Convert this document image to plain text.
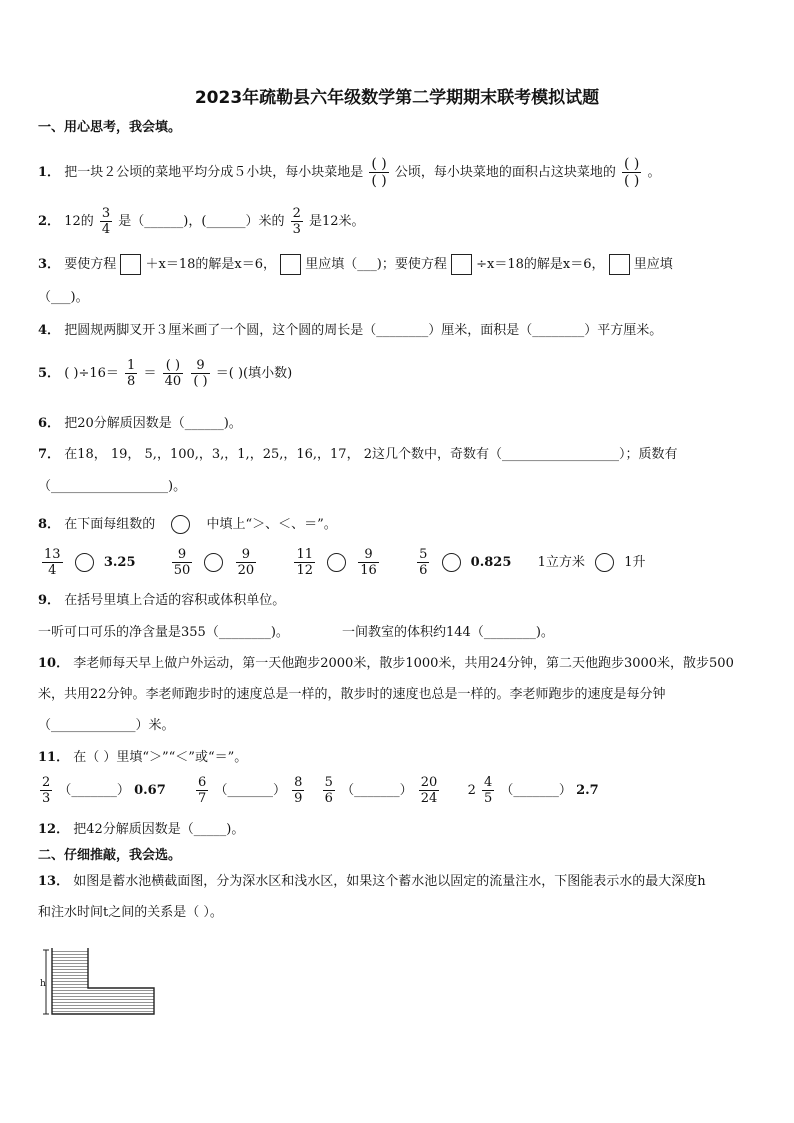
2023年疏勒县六年级数学第二学期期末联考模拟试题
一、用心思考，我会填。
1． 把一块２公顷的菜地平均分成５小块，每小块菜地是 $\frac{( )}{( )}$ 公顷，每小块菜地的面积占这块菜地的 $\frac{( )}{( )}$ 。
2． 12的 $\frac{3}{4}$ 是（______)，(______）米的 $\frac{2}{3}$ 是12米。
3． 要使方程 ＋x＝18的解是x＝6， 里应填（___)；要使方程 ÷x＝18的解是x＝6， 里应填
（___)。
4． 把圆规两脚叉开３厘米画了一个圆，这个圆的周长是（________）厘米，面积是（________）平方厘米。
5． ( )$\div 16= \frac{1}{8} = \frac{( )}{40}$
$\frac{9}{( )}$ ＝( )(填小数)
6． 把20分解质因数是（______)。
7． 在18， 19， 5,，100,，3,，1,，25,，16,，17， 2这几个数中，奇数有（__________________）；质数有
（__________________)。
8． 在下面每组数的	中填上“＞、＜、＝”。
$\frac{13}{4}$	3.25	$\frac{9}{50}$
	$\frac{9}{20}$
	$\frac{11}{12}$
	$\frac{9}{16}$
	$\frac{5}{6}$	0.825 1立方米	1升
9． 在括号里填上合适的容积或体积单位。
一听可口可乐的净含量是355（________)。	一间教室的体积约144（________)。
10． 李老师每天早上做户外运动，第一天他跑步2000米，散步1000米，共用24分钟，第二天他跑步3000米，散步500
米，共用22分钟。李老师跑步时的速度总是一样的，散步时的速度也总是一样的。李老师跑步的速度是每分钟
（_____________）米。
11． 在（ ）里填“＞”“＜”或“＝”。
$\frac{2}{3}$ （_______） $0.67 \frac{6}{7}$ （_______） $\frac{8}{9}$
$\frac{5}{6}$ （_______） $\frac{20}{24} 2 \frac{4}{5}$ （_______） 2.7
12． 把42分解质因数是（_____)。
二、仔细推敲，我会选。
13． 如图是蓄水池横截面图，分为深水区和浅水区，如果这个蓄水池以固定的流量注水，下图能表示水的最大深度h
和注水时间t之间的关系是（ ）。
h
